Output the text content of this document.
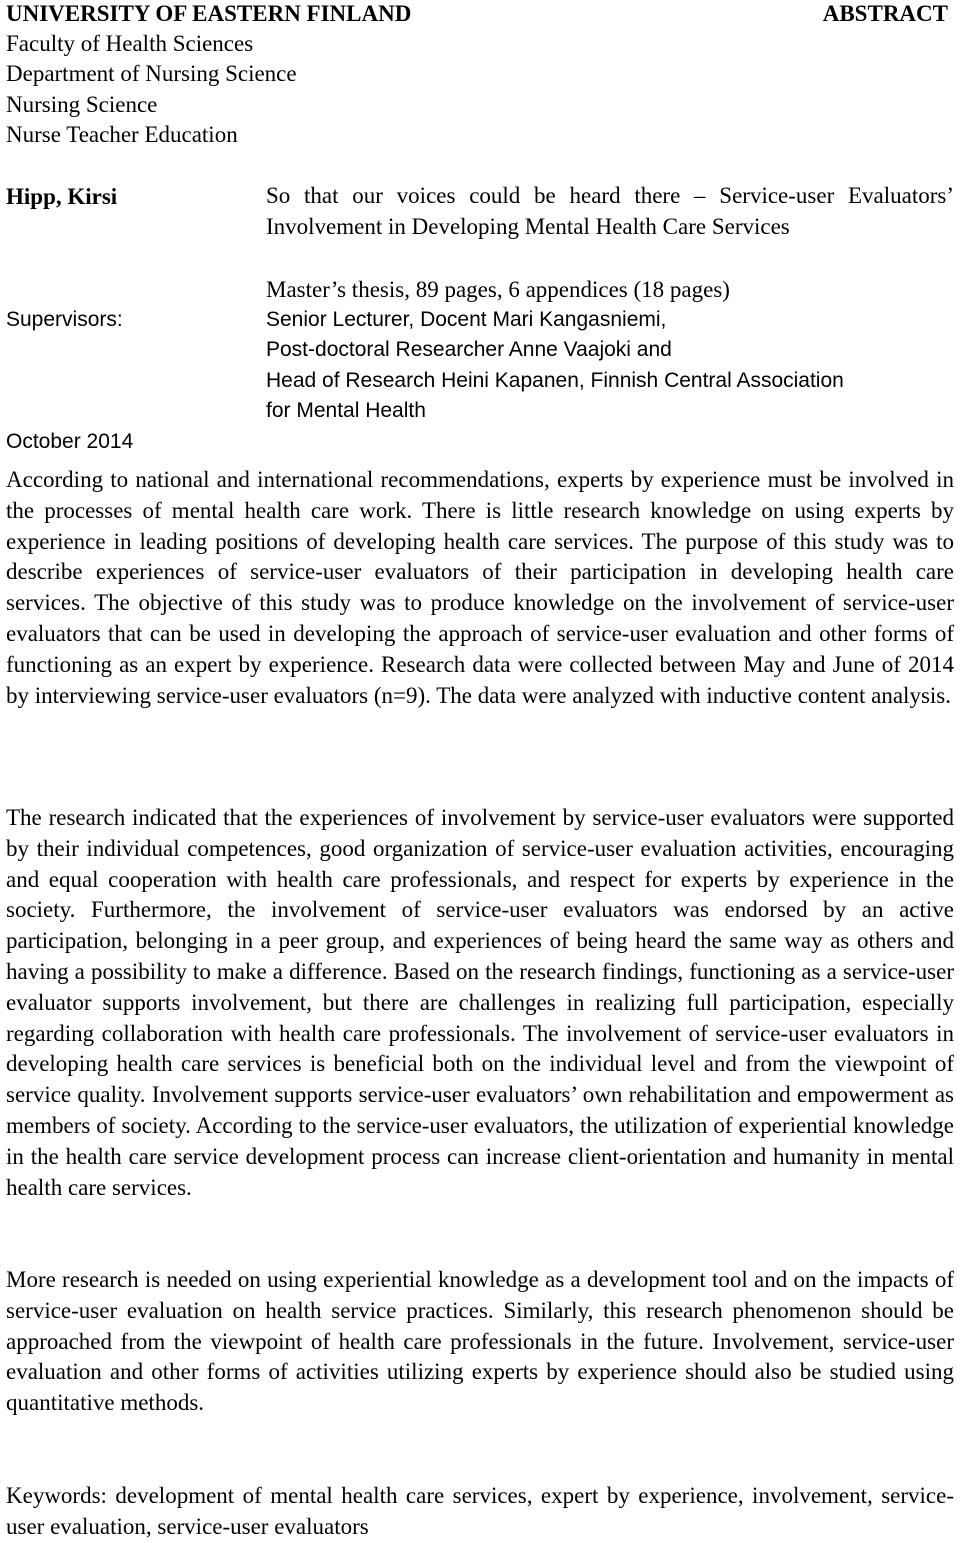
UNIVERSITY OF EASTERN FINLAND	ABSTRACT
Faculty of Health Sciences
Department of Nursing Science
Nursing Science
Nurse Teacher Education
Hipp, Kirsi	So that our voices could be heard there – Service-user Evaluators’ Involvement in Developing Mental Health Care Services
Master’s thesis, 89 pages, 6 appendices (18 pages)
Supervisors:	Senior Lecturer, Docent Mari Kangasniemi,
Post-doctoral Researcher Anne Vaajoki and
Head of Research Heini Kapanen, Finnish Central Association
for Mental Health
October 2014
According to national and international recommendations, experts by experience must be involved in the processes of mental health care work. There is little research knowledge on using experts by experience in leading positions of developing health care services. The purpose of this study was to describe experiences of service-user evaluators of their participation in developing health care services. The objective of this study was to produce knowledge on the involvement of service-user evaluators that can be used in developing the approach of service-user evaluation and other forms of functioning as an expert by experience. Research data were collected between May and June of 2014 by interviewing service-user evaluators (n=9). The data were analyzed with inductive content analysis.
The research indicated that the experiences of involvement by service-user evaluators were supported by their individual competences, good organization of service-user evaluation activities, encouraging and equal cooperation with health care professionals, and respect for experts by experience in the society. Furthermore, the involvement of service-user evaluators was endorsed by an active participation, belonging in a peer group, and experiences of being heard the same way as others and having a possibility to make a difference. Based on the research findings, functioning as a service-user evaluator supports involvement, but there are challenges in realizing full participation, especially regarding collaboration with health care professionals. The involvement of service-user evaluators in developing health care services is beneficial both on the individual level and from the viewpoint of service quality. Involvement supports service-user evaluators’ own rehabilitation and empowerment as members of society. According to the service-user evaluators, the utilization of experiential knowledge in the health care service development process can increase client-orientation and humanity in mental health care services.
More research is needed on using experiential knowledge as a development tool and on the impacts of service-user evaluation on health service practices. Similarly, this research phenomenon should be approached from the viewpoint of health care professionals in the future. Involvement, service-user evaluation and other forms of activities utilizing experts by experience should also be studied using quantitative methods.
Keywords: development of mental health care services, expert by experience, involvement, service-user evaluation, service-user evaluators
